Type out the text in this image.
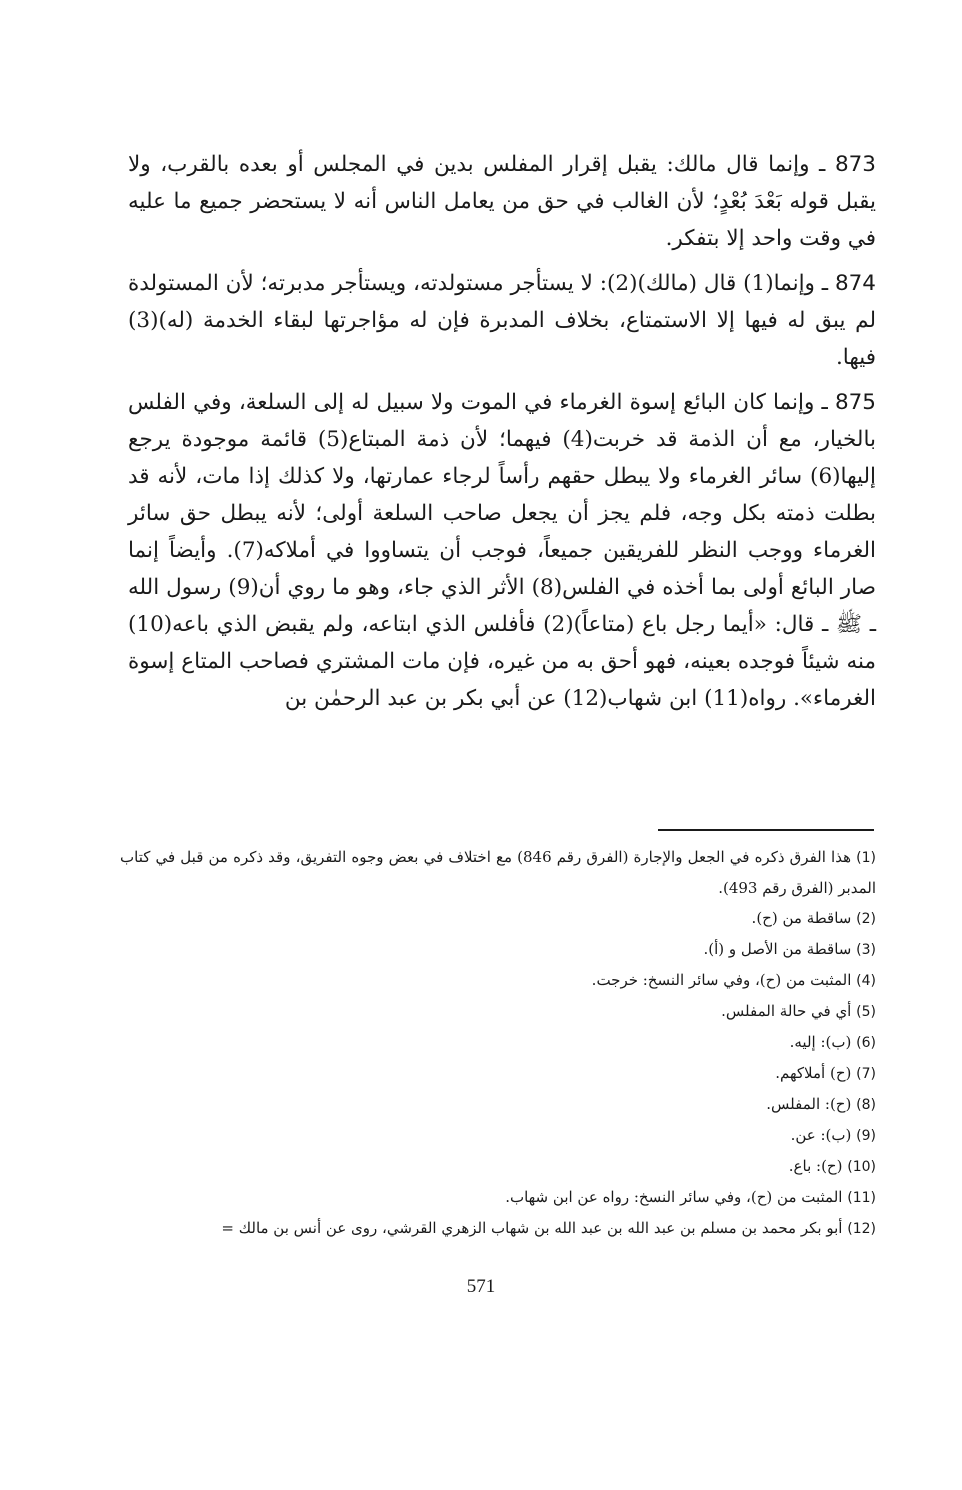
873 ـ وإنما قال مالك: يقبل إقرار المفلس بدين في المجلس أو بعده بالقرب، ولا يقبل قوله بَعْدَ بُعْدٍ؛ لأن الغالب في حق من يعامل الناس أنه لا يستحضر جميع ما عليه في وقت واحد إلا بتفكر.

874 ـ وإنما(1) قال (مالك)(2): لا يستأجر مستولدته، ويستأجر مدبرته؛ لأن المستولدة لم يبق له فيها إلا الاستمتاع، بخلاف المدبرة فإن له مؤاجرتها لبقاء الخدمة (له)(3) فيها.

875 ـ وإنما كان البائع إسوة الغرماء في الموت ولا سبيل له إلى السلعة، وفي الفلس بالخيار، مع أن الذمة قد خربت(4) فيهما؛ لأن ذمة المبتاع(5) قائمة موجودة يرجع إليها(6) سائر الغرماء ولا يبطل حقهم رأساً لرجاء عمارتها، ولا كذلك إذا مات، لأنه قد بطلت ذمته بكل وجه، فلم يجز أن يجعل صاحب السلعة أولى؛ لأنه يبطل حق سائر الغرماء ووجب النظر للفريقين جميعاً، فوجب أن يتساووا في أملاكه(7). وأيضاً إنما صار البائع أولى بما أخذه في الفلس(8) الأثر الذي جاء، وهو ما روي أن(9) رسول الله ـ ﷺ ـ قال: «أيما رجل باع (متاعاً)(2) فأفلس الذي ابتاعه، ولم يقبض الذي باعه(10) منه شيئاً فوجده بعينه، فهو أحق به من غيره، فإن مات المشتري فصاحب المتاع إسوة الغرماء». رواه(11) ابن شهاب(12) عن أبي بكر بن عبد الرحمٰن بن

(1) هذا الفرق ذكره في الجعل والإجارة (الفرق رقم 846) مع اختلاف في بعض وجوه التفريق، وقد ذكره من قبل في كتاب المدبر (الفرق رقم 493).

(2) ساقطة من (ح).

(3) ساقطة من الأصل و (أ).

(4) المثبت من (ح)، وفي سائر النسخ: خرجت.

(5) أي في حالة المفلس.

(6) (ب): إليه.

(7) (ح) أملاكهم.

(8) (ح): المفلس.

(9) (ب): عن.

(10) (ح): باع.

(11) المثبت من (ح)، وفي سائر النسخ: رواه عن ابن شهاب.

(12) أبو بكر محمد بن مسلم بن عبد الله بن عبد الله بن شهاب الزهري القرشي، روى عن أنس بن مالك =

571
